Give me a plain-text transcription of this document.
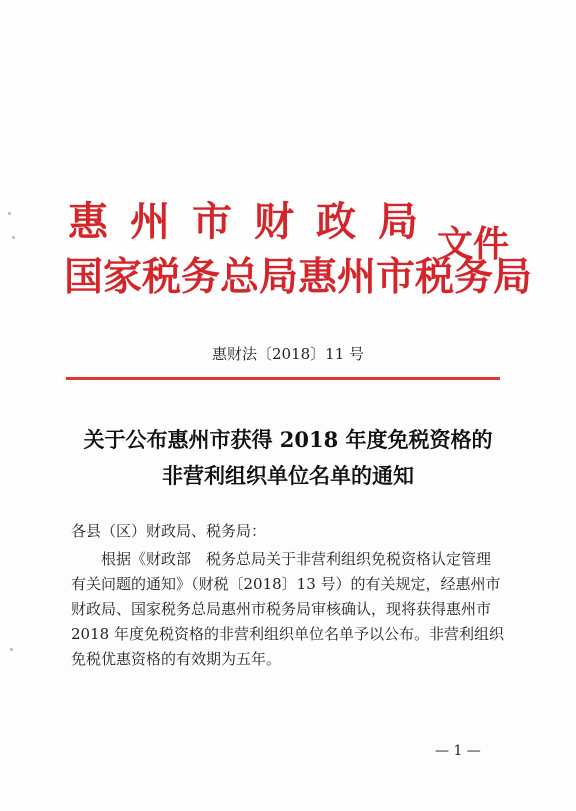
惠州市财政局
国家税务总局惠州市税务局
文件
惠财法〔2018〕11 号
关于公布惠州市获得 2018 年度免税资格的
非营利组织单位名单的通知
各县（区）财政局、税务局：
根据《财政部　税务总局关于非营利组织免税资格认定管理
有关问题的通知》（财税〔2018〕13 号）的有关规定，经惠州市
财政局、国家税务总局惠州市税务局审核确认，现将获得惠州市
2018 年度免税资格的非营利组织单位名单予以公布。非营利组织
免税优惠资格的有效期为五年。
— 1 —
